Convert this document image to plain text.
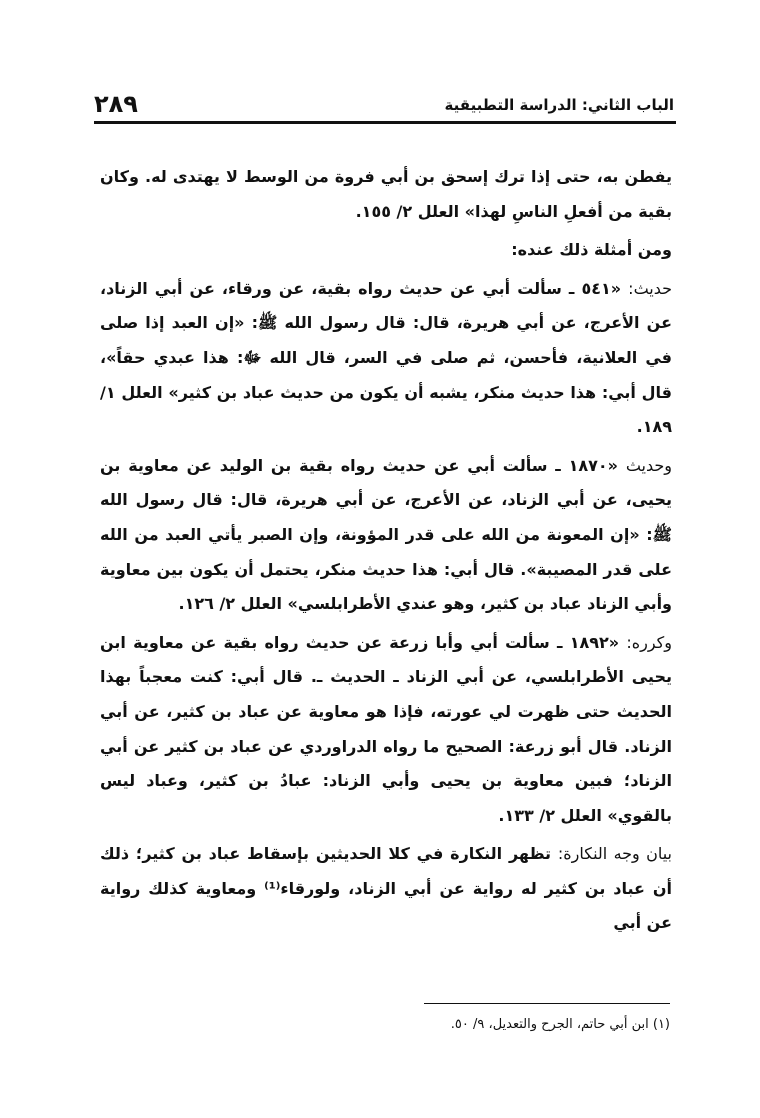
الباب الثاني: الدراسة التطبيقية
٢٨٩

يفطن به، حتى إذا ترك إسحق بن أبي فروة من الوسط لا يهتدى له. وكان بقية من أفعلِ الناسِ لهذا» العلل ٢/ ١٥٥.

ومن أمثلة ذلك عنده:

حديث: «٥٤١ ـ سألت أبي عن حديث رواه بقية، عن ورقاء، عن أبي الزناد، عن الأعرج، عن أبي هريرة، قال: قال رسول الله ﷺ: «إن العبد إذا صلى في العلانية، فأحسن، ثم صلى في السر، قال الله ﷻ: هذا عبدي حقاً»، قال أبي: هذا حديث منكر، يشبه أن يكون من حديث عباد بن كثير» العلل ١/ ١٨٩.

وحديث «١٨٧٠ ـ سألت أبي عن حديث رواه بقية بن الوليد عن معاوية بن يحيى، عن أبي الزناد، عن الأعرج، عن أبي هريرة، قال: قال رسول الله ﷺ: «إن المعونة من الله على قدر المؤونة، وإن الصبر يأتي العبد من الله على قدر المصيبة». قال أبي: هذا حديث منكر، يحتمل أن يكون بين معاوية وأبي الزناد عباد بن كثير، وهو عندي الأطرابلسي» العلل ٢/ ١٢٦.

وكرره: «١٨٩٢ ـ سألت أبي وأبا زرعة عن حديث رواه بقية عن معاوية ابن يحيى الأطرابلسي، عن أبي الزناد ـ الحديث ـ. قال أبي: كنت معجباً بهذا الحديث حتى ظهرت لي عورته، فإذا هو معاوية عن عباد بن كثير، عن أبي الزناد. قال أبو زرعة: الصحيح ما رواه الدراوردي عن عباد بن كثير عن أبي الزناد؛ فبين معاوية بن يحيى وأبي الزناد: عبادُ بن كثير، وعباد ليس بالقوي» العلل ٢/ ١٣٣.

بيان وجه النكارة: تظهر النكارة في كلا الحديثين بإسقاط عباد بن كثير؛ ذلك أن عباد بن كثير له رواية عن أبي الزناد، ولورقاء⁽¹⁾ ومعاوية كذلك رواية عن أبي

(١) ابن أبي حاتم، الجرح والتعديل، ٩/ ٥٠.
